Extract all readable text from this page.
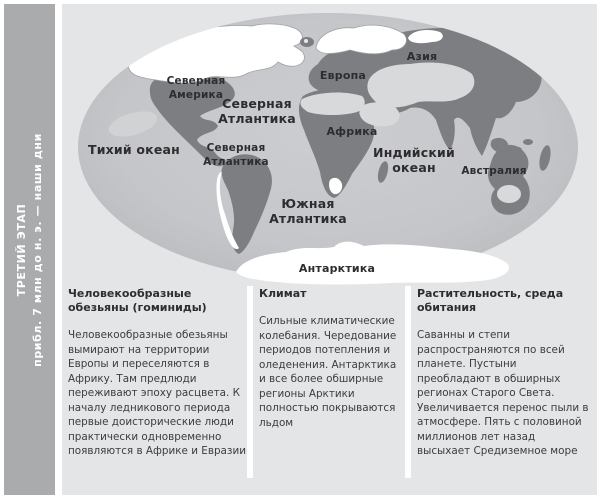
ТРЕТИЙ ЭТАП прибл. 7 млн до н. э. — наши дни	Тихий океан
Северная Америка
Северная Атлантика
Северная Атлантика
Южная Атлантика
Индийский океан
Европа
Азия
Африка
Австралия
Антарктика

Человекообразные обезьяны (гоминиды)

Человекообразные обезьяны вымирают на территории Европы и переселяются в Африку. Там предлюди переживают эпоху расцвета. К началу ледникового периода первые доисторические люди практически одновременно появляются в Африке и Евразии

Климат

Сильные климатические колебания. Чередование периодов потепления и оледенения. Антарктика и все более обширные регионы Арктики полностью покрываются льдом

Растительность, среда обитания

Саванны и степи распространяются по всей планете. Пустыни преобладают в обширных регионах Старого Света. Увеличивается перенос пыли в атмосфере. Пять с половиной миллионов лет назад высыхает Средиземное море
